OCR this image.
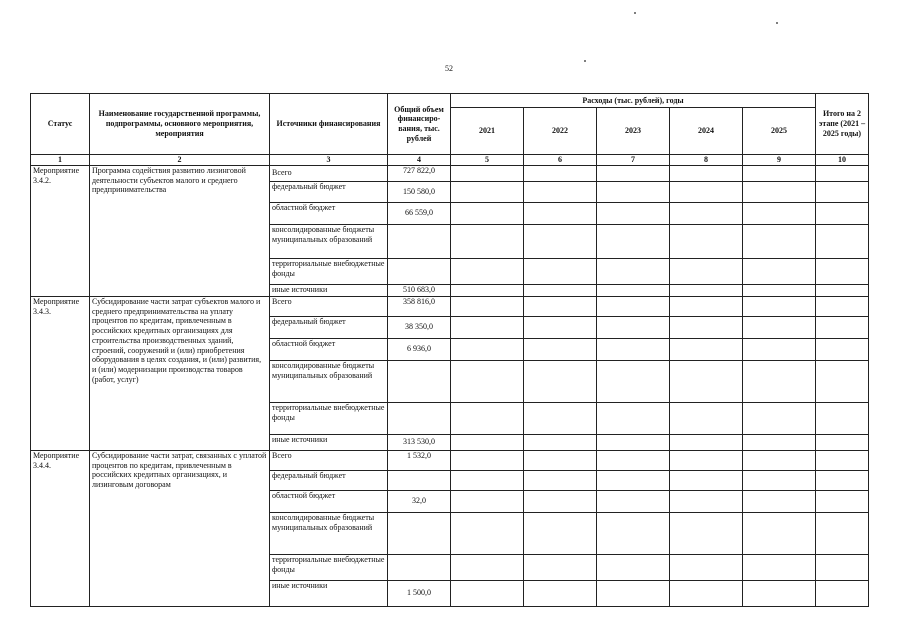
52
Статус	Наименование государственной программы, подпрограммы, основного мероприятия, мероприятия	Источники финансирования	Общий объем финансиро-вания, тыс. рублей	Расходы (тыс. рублей), годы					Итого на 2 этапе (2021 – 2025 годы)
				2021	2022	2023	2024	2025	
1	2	3	4	5	6	7	8	9	10
Мероприятие 3.4.2.	Программа содействия развитию лизинговой деятельности субъектов малого и среднего предпринимательства	Всего	727 822,0						
		федеральный бюджет	150 580,0						
		областной бюджет	66 559,0						
		консолидированные бюджеты муниципальных образований							
		территориальные внебюджетные фонды							
		иные источники	510 683,0						
Мероприятие 3.4.3.	Субсидирование части затрат субъектов малого и среднего предпринимательства на уплату процентов по кредитам, привлеченным в российских кредитных организациях для строительства производственных зданий, строений, сооружений и (или) приобретения оборудования в целях создания, и (или) развития, и (или) модернизации производства товаров (работ, услуг)	Всего	358 816,0						
		федеральный бюджет	38 350,0						
		областной бюджет	6 936,0						
		консолидированные бюджеты муниципальных образований							
		территориальные внебюджетные фонды							
		иные источники	313 530,0						
Мероприятие 3.4.4.	Субсидирование части затрат, связанных с уплатой процентов по кредитам, привлеченным в российских кредитных организациях, и лизинговым договорам	Всего	1 532,0						
		федеральный бюджет							
		областной бюджет	32,0						
		консолидированные бюджеты муниципальных образований							
		территориальные внебюджетные фонды							
		иные источники	1 500,0						
